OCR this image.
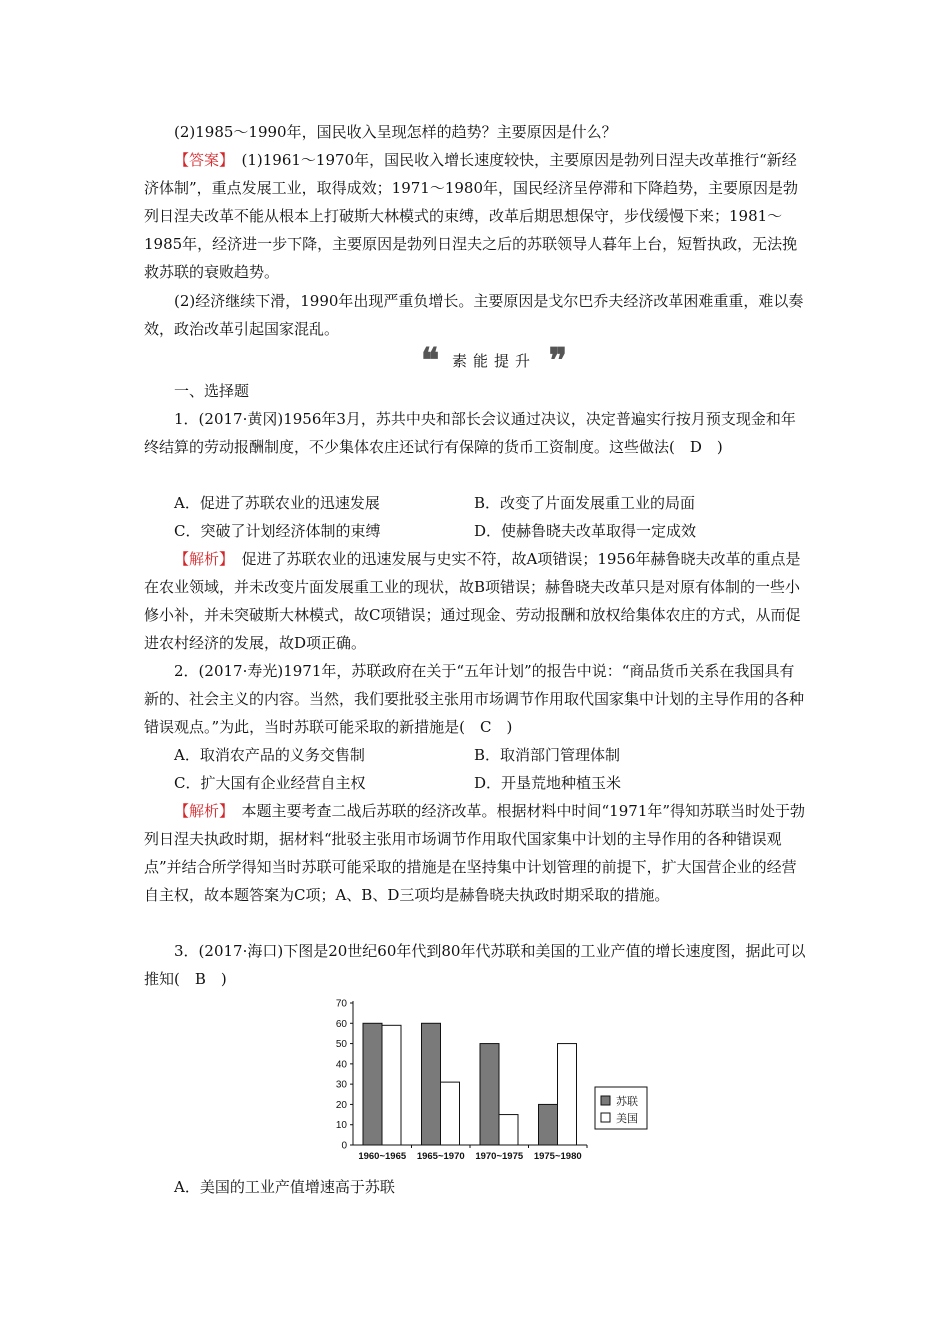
(2)1985～1990年，国民收入呈现怎样的趋势？主要原因是什么？

【答案】　(1)1961～1970年，国民收入增长速度较快，主要原因是勃列日涅夫改革推行“新经济体制”，重点发展工业，取得成效；1971～1980年，国民经济呈停滞和下降趋势，主要原因是勃列日涅夫改革不能从根本上打破斯大林模式的束缚，改革后期思想保守，步伐缓慢下来；1981～1985年，经济进一步下降，主要原因是勃列日涅夫之后的苏联领导人暮年上台，短暂执政，无法挽救苏联的衰败趋势。

(2)经济继续下滑，1990年出现严重负增长。主要原因是戈尔巴乔夫经济改革困难重重，难以奏效，政治改革引起国家混乱。

❝ 素能提升 ❞

一、选择题

1．(2017·黄冈)1956年3月，苏共中央和部长会议通过决议，决定普遍实行按月预支现金和年终结算的劳动报酬制度，不少集体农庄还试行有保障的货币工资制度。这些做法(　D　)

A．促进了苏联农业的迅速发展	B．改变了片面发展重工业的局面
C．突破了计划经济体制的束缚	D．使赫鲁晓夫改革取得一定成效

【解析】　促进了苏联农业的迅速发展与史实不符，故A项错误；1956年赫鲁晓夫改革的重点是在农业领域，并未改变片面发展重工业的现状，故B项错误；赫鲁晓夫改革只是对原有体制的一些小修小补，并未突破斯大林模式，故C项错误；通过现金、劳动报酬和放权给集体农庄的方式，从而促进农村经济的发展，故D项正确。

2．(2017·寿光)1971年，苏联政府在关于“五年计划”的报告中说：“商品货币关系在我国具有新的、社会主义的内容。当然，我们要批驳主张用市场调节作用取代国家集中计划的主导作用的各种错误观点。”为此，当时苏联可能采取的新措施是(　C　)

A．取消农产品的义务交售制	B．取消部门管理体制
C．扩大国有企业经营自主权	D．开垦荒地种植玉米

【解析】　本题主要考查二战后苏联的经济改革。根据材料中时间“1971年”得知苏联当时处于勃列日涅夫执政时期，据材料“批驳主张用市场调节作用取代国家集中计划的主导作用的各种错误观点”并结合所学得知当时苏联可能采取的措施是在坚持集中计划管理的前提下，扩大国营企业的经营自主权，故本题答案为C项；A、B、D三项均是赫鲁晓夫执政时期采取的措施。

3．(2017·海口)下图是20世纪60年代到80年代苏联和美国的工业产值的增长速度图，据此可以推知(　B　)

0
10
20
30
40
50
60
70
1960~1965 1965~1970 1970~1975 1975~1980
苏联
美国
A．美国的工业产值增速高于苏联
